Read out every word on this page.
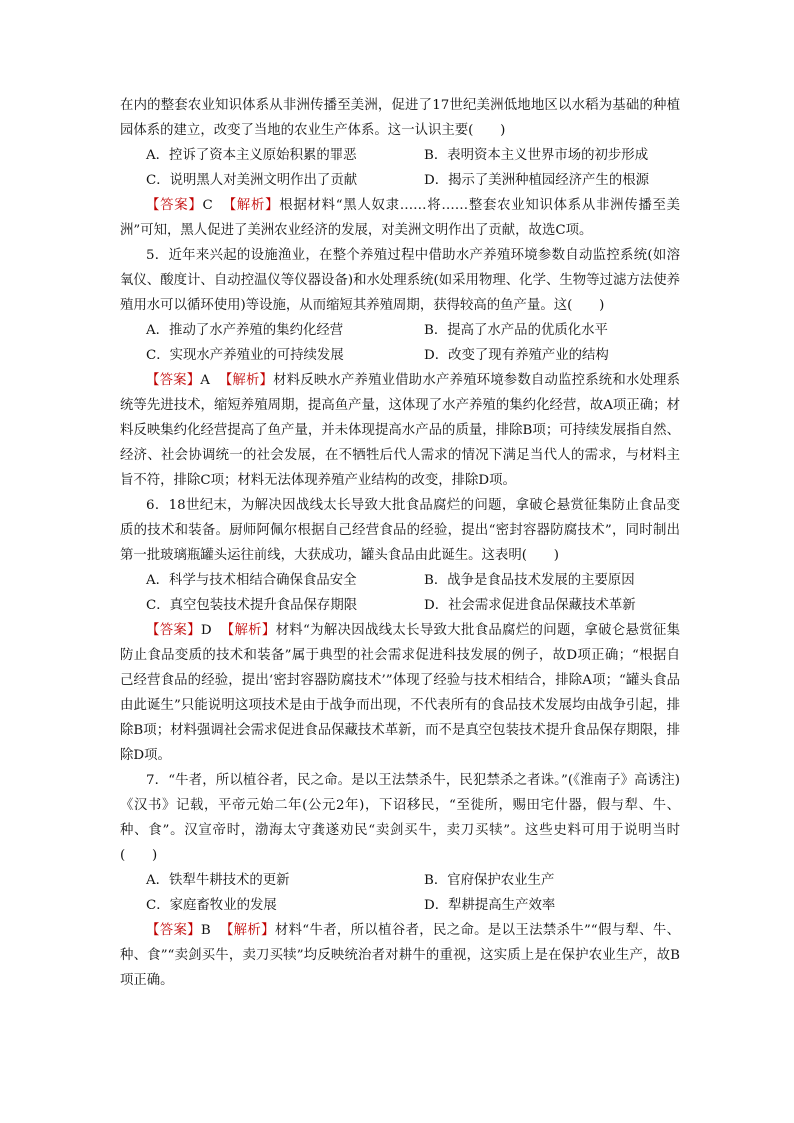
在内的整套农业知识体系从非洲传播至美洲，促进了17世纪美洲低地地区以水稻为基础的种植园体系的建立，改变了当地的农业生产体系。这一认识主要(　　)

A．控诉了资本主义原始积累的罪恶	B．表明资本主义世界市场的初步形成
C．说明黑人对美洲文明作出了贡献	D．揭示了美洲种植园经济产生的根源

【答案】C 【解析】根据材料“黑人奴隶……将……整套农业知识体系从非洲传播至美洲”可知，黑人促进了美洲农业经济的发展，对美洲文明作出了贡献，故选C项。

5．近年来兴起的设施渔业，在整个养殖过程中借助水产养殖环境参数自动监控系统(如溶氧仪、酸度计、自动控温仪等仪器设备)和水处理系统(如采用物理、化学、生物等过滤方法使养殖用水可以循环使用)等设施，从而缩短其养殖周期，获得较高的鱼产量。这(　　)

A．推动了水产养殖的集约化经营	B．提高了水产品的优质化水平
C．实现水产养殖业的可持续发展	D．改变了现有养殖产业的结构

【答案】A 【解析】材料反映水产养殖业借助水产养殖环境参数自动监控系统和水处理系统等先进技术，缩短养殖周期，提高鱼产量，这体现了水产养殖的集约化经营，故A项正确；材料反映集约化经营提高了鱼产量，并未体现提高水产品的质量，排除B项；可持续发展指自然、经济、社会协调统一的社会发展，在不牺牲后代人需求的情况下满足当代人的需求，与材料主旨不符，排除C项；材料无法体现养殖产业结构的改变，排除D项。

6．18世纪末，为解决因战线太长导致大批食品腐烂的问题，拿破仑悬赏征集防止食品变质的技术和装备。厨师阿佩尔根据自己经营食品的经验，提出“密封容器防腐技术”，同时制出第一批玻璃瓶罐头运往前线，大获成功，罐头食品由此诞生。这表明(　　)

A．科学与技术相结合确保食品安全	B．战争是食品技术发展的主要原因
C．真空包装技术提升食品保存期限	D．社会需求促进食品保藏技术革新

【答案】D 【解析】材料“为解决因战线太长导致大批食品腐烂的问题，拿破仑悬赏征集防止食品变质的技术和装备”属于典型的社会需求促进科技发展的例子，故D项正确；“根据自己经营食品的经验，提出‘密封容器防腐技术’”体现了经验与技术相结合，排除A项；“罐头食品由此诞生”只能说明这项技术是由于战争而出现，不代表所有的食品技术发展均由战争引起，排除B项；材料强调社会需求促进食品保藏技术革新，而不是真空包装技术提升食品保存期限，排除D项。

7．“牛者，所以植谷者，民之命。是以王法禁杀牛，民犯禁杀之者诛。”(《淮南子》高诱注)《汉书》记载，平帝元始二年(公元2年)，下诏移民，“至徙所，赐田宅什器，假与犁、牛、种、食”。汉宣帝时，渤海太守龚遂劝民“卖剑买牛，卖刀买犊”。这些史料可用于说明当时(　　)

A．铁犁牛耕技术的更新	B．官府保护农业生产
C．家庭畜牧业的发展	D．犁耕提高生产效率

【答案】B 【解析】材料“牛者，所以植谷者，民之命。是以王法禁杀牛”“假与犁、牛、种、食”“卖剑买牛，卖刀买犊”均反映统治者对耕牛的重视，这实质上是在保护农业生产，故B项正确。
